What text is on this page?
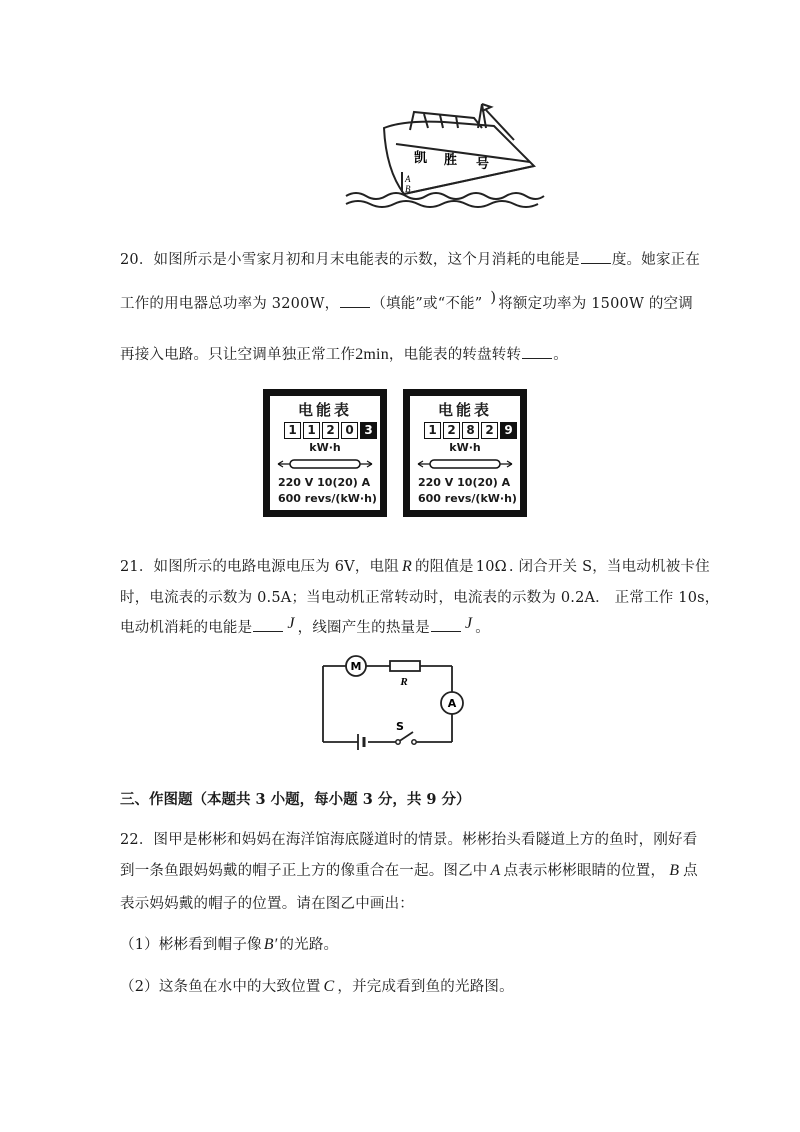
凯 胜 号
A
B
20．如图所示是小雪家月初和月末电能表的示数，这个月消耗的电能是 度。她家正在
工作的用电器总功率为 3200W， （填能”或“不能” ) 将额定功率为 1500W 的空调
再接入电路。只让空调单独正常工作2min，电能表的转盘转转 。
电能表
1 1 2 0 3
kW·h
220 V 10(20) A
600 revs/(kW·h)
电能表
1 2 8 2 9
kW·h
220 V 10(20) A
600 revs/(kW·h)
21．如图所示的电路电源电压为 6V，电阻 R 的阻值是 10Ω . 闭合开关 S，当电动机被卡住
时，电流表的示数为 0.5A；当电动机正常转动时，电流表的示数为 0.2A． 正常工作 10s，
电动机消耗的电能是 J ，线圈产生的热量是 J 。
M
R
A
S
三、作图题（本题共 3 小题，每小题 3 分，共 9 分）
22．图甲是彬彬和妈妈在海洋馆海底隧道时的情景。彬彬抬头看隧道上方的鱼时，刚好看
到一条鱼跟妈妈戴的帽子正上方的像重合在一起。图乙中 A 点表示彬彬眼睛的位置， B 点
表示妈妈戴的帽子的位置。请在图乙中画出：
（1）彬彬看到帽子像 B′ 的光路。
（2）这条鱼在水中的大致位置 C ，并完成看到鱼的光路图。
